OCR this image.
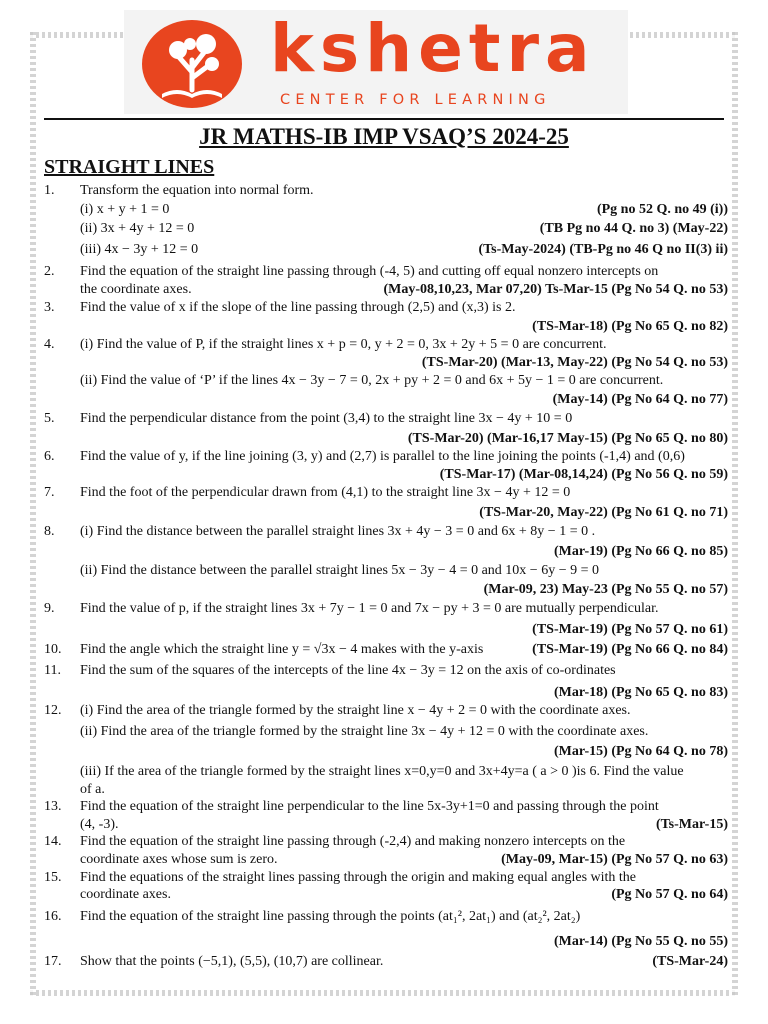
kshetra
CENTER FOR LEARNING
JR MATHS-IB IMP VSAQ’S 2024-25
STRAIGHT LINES
1. Transform the equation into normal form.
(i) x + y + 1 = 0	(Pg no 52 Q. no 49 (i))
(ii) 3x + 4y + 12 = 0	(TB Pg no 44 Q. no 3) (May-22)
(iii) 4x − 3y + 12 = 0	(Ts-May-2024) (TB-Pg no 46 Q no II(3) ii)
2. Find the equation of the straight line passing through (-4, 5) and cutting off equal nonzero intercepts on
the coordinate axes.	(May-08,10,23, Mar 07,20) Ts-Mar-15 (Pg No 54 Q. no 53)
3. Find the value of x if the slope of the line passing through (2,5) and (x,3) is 2.
(TS-Mar-18) (Pg No 65 Q. no 82)
4. (i) Find the value of P, if the straight lines x + p = 0, y + 2 = 0, 3x + 2y + 5 = 0 are concurrent.
(TS-Mar-20) (Mar-13, May-22) (Pg No 54 Q. no 53)
(ii) Find the value of ‘P’ if the lines 4x − 3y − 7 = 0, 2x + py + 2 = 0 and 6x + 5y − 1 = 0 are concurrent.
(May-14) (Pg No 64 Q. no 77)
5. Find the perpendicular distance from the point (3,4) to the straight line 3x − 4y + 10 = 0
(TS-Mar-20) (Mar-16,17 May-15) (Pg No 65 Q. no 80)
6. Find the value of y, if the line joining (3, y) and (2,7) is parallel to the line joining the points (-1,4) and (0,6)
(TS-Mar-17) (Mar-08,14,24) (Pg No 56 Q. no 59)
7. Find the foot of the perpendicular drawn from (4,1) to the straight line 3x − 4y + 12 = 0
(TS-Mar-20, May-22) (Pg No 61 Q. no 71)
8. (i) Find the distance between the parallel straight lines 3x + 4y − 3 = 0 and 6x + 8y − 1 = 0 .
(Mar-19) (Pg No 66 Q. no 85)
(ii) Find the distance between the parallel straight lines 5x − 3y − 4 = 0 and 10x − 6y − 9 = 0
(Mar-09, 23) May-23 (Pg No 55 Q. no 57)
9. Find the value of p, if the straight lines 3x + 7y − 1 = 0 and 7x − py + 3 = 0 are mutually perpendicular.
(TS-Mar-19) (Pg No 57 Q. no 61)
10. Find the angle which the straight line y = √3x − 4 makes with the y-axis	(TS-Mar-19) (Pg No 66 Q. no 84)
11. Find the sum of the squares of the intercepts of the line 4x − 3y = 12 on the axis of co-ordinates
(Mar-18) (Pg No 65 Q. no 83)
12. (i) Find the area of the triangle formed by the straight line x − 4y + 2 = 0 with the coordinate axes.
(ii) Find the area of the triangle formed by the straight line 3x − 4y + 12 = 0 with the coordinate axes.
(Mar-15) (Pg No 64 Q. no 78)
(iii) If the area of the triangle formed by the straight lines x=0,y=0 and 3x+4y=a ( a > 0 )is 6. Find the value
of a.
13. Find the equation of the straight line perpendicular to the line 5x-3y+1=0 and passing through the point
(4, -3).	(Ts-Mar-15)
14. Find the equation of the straight line passing through (-2,4) and making nonzero intercepts on the
coordinate axes whose sum is zero.	(May-09, Mar-15) (Pg No 57 Q. no 63)
15. Find the equations of the straight lines passing through the origin and making equal angles with the
coordinate axes.	(Pg No 57 Q. no 64)
16. Find the equation of the straight line passing through the points (at₁², 2at₁) and (at₂², 2at₂)
(Mar-14) (Pg No 55 Q. no 55)
17. Show that the points (−5,1), (5,5), (10,7) are collinear.	(TS-Mar-24)
